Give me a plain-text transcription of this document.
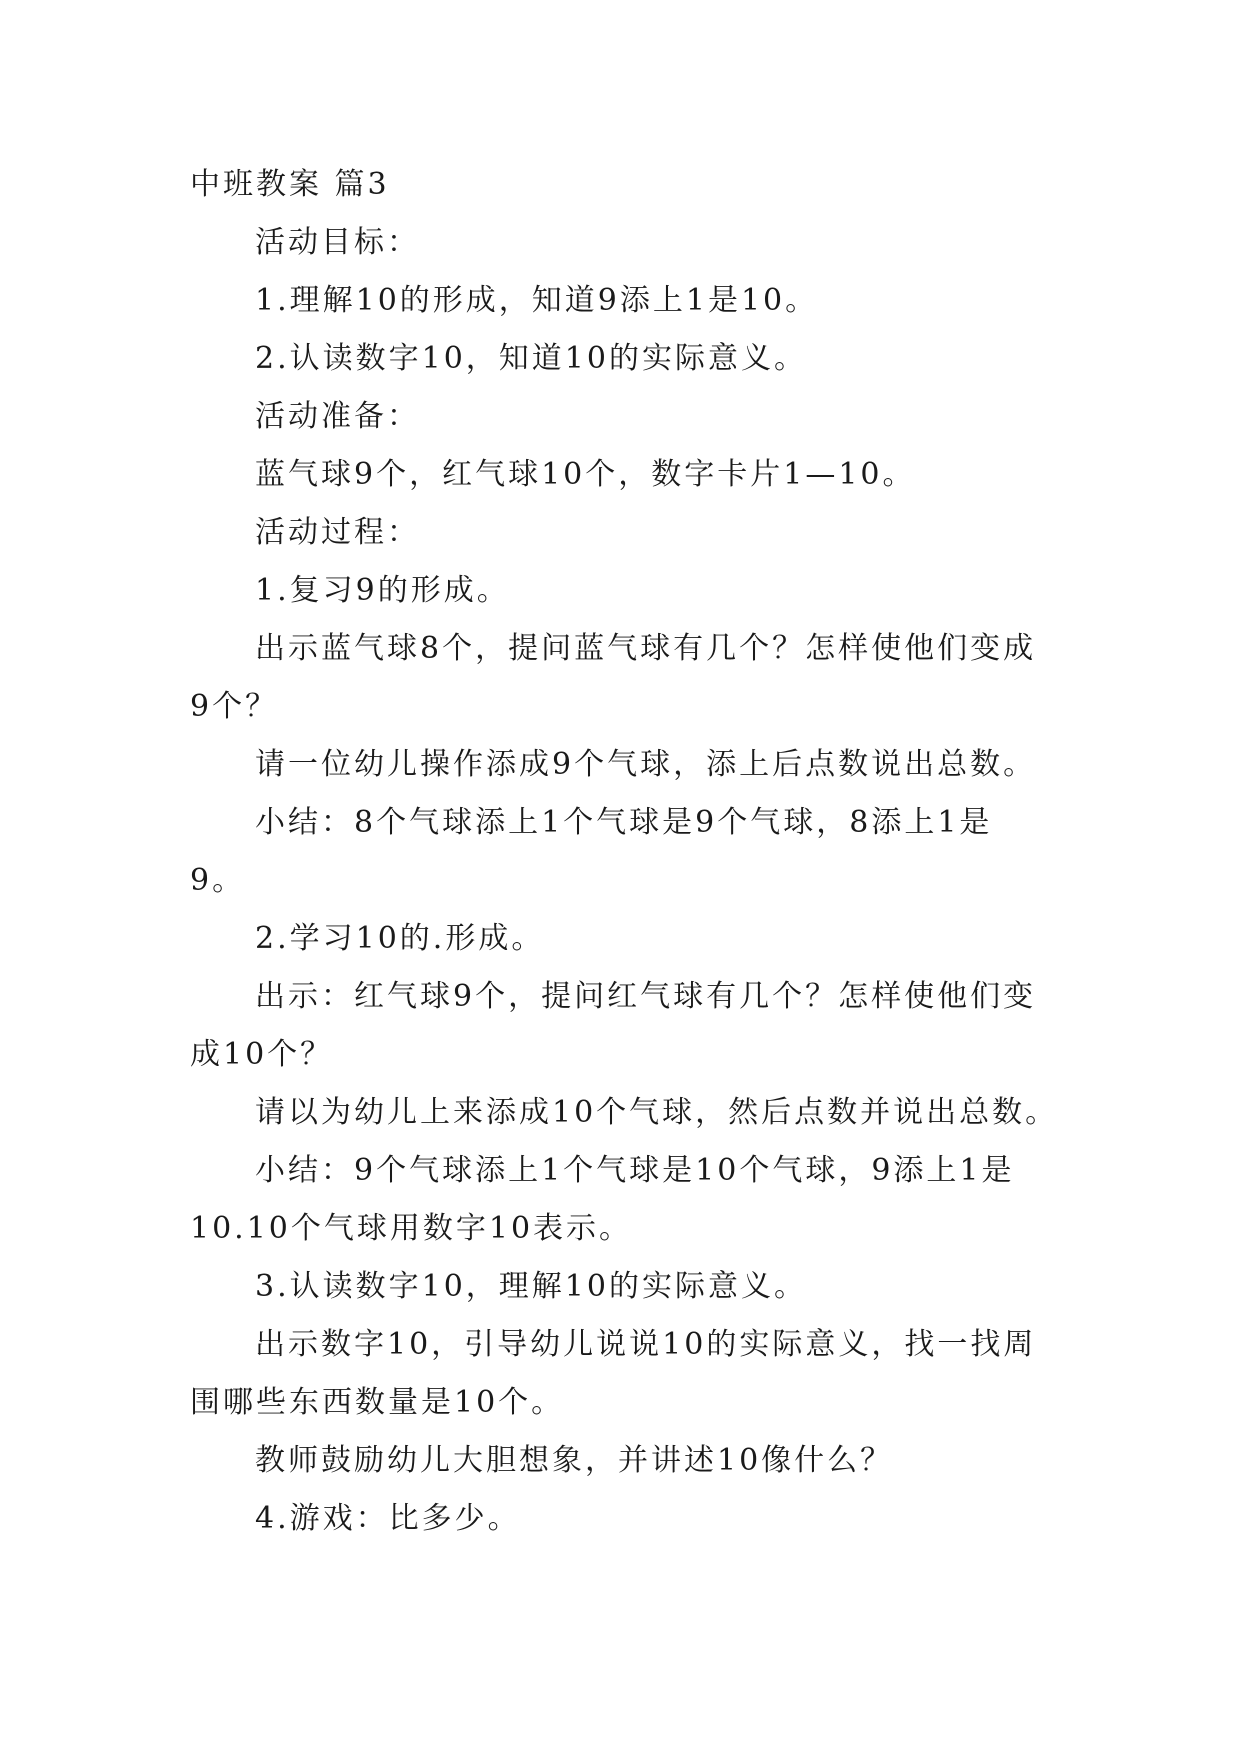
中班教案 篇3
活动目标：
1.理解10的形成，知道9添上1是10。
2.认读数字10，知道10的实际意义。
活动准备：
蓝气球9个，红气球10个，数字卡片1—10。
活动过程：
1.复习9的形成。
出示蓝气球8个，提问蓝气球有几个？怎样使他们变成
9个？
请一位幼儿操作添成9个气球，添上后点数说出总数。
小结：8个气球添上1个气球是9个气球，8添上1是
9。
2.学习10的.形成。
出示：红气球9个，提问红气球有几个？怎样使他们变
成10个？
请以为幼儿上来添成10个气球，然后点数并说出总数。
小结：9个气球添上1个气球是10个气球，9添上1是
10.10个气球用数字10表示。
3.认读数字10，理解10的实际意义。
出示数字10，引导幼儿说说10的实际意义，找一找周
围哪些东西数量是10个。
教师鼓励幼儿大胆想象，并讲述10像什么？
4.游戏：比多少。
